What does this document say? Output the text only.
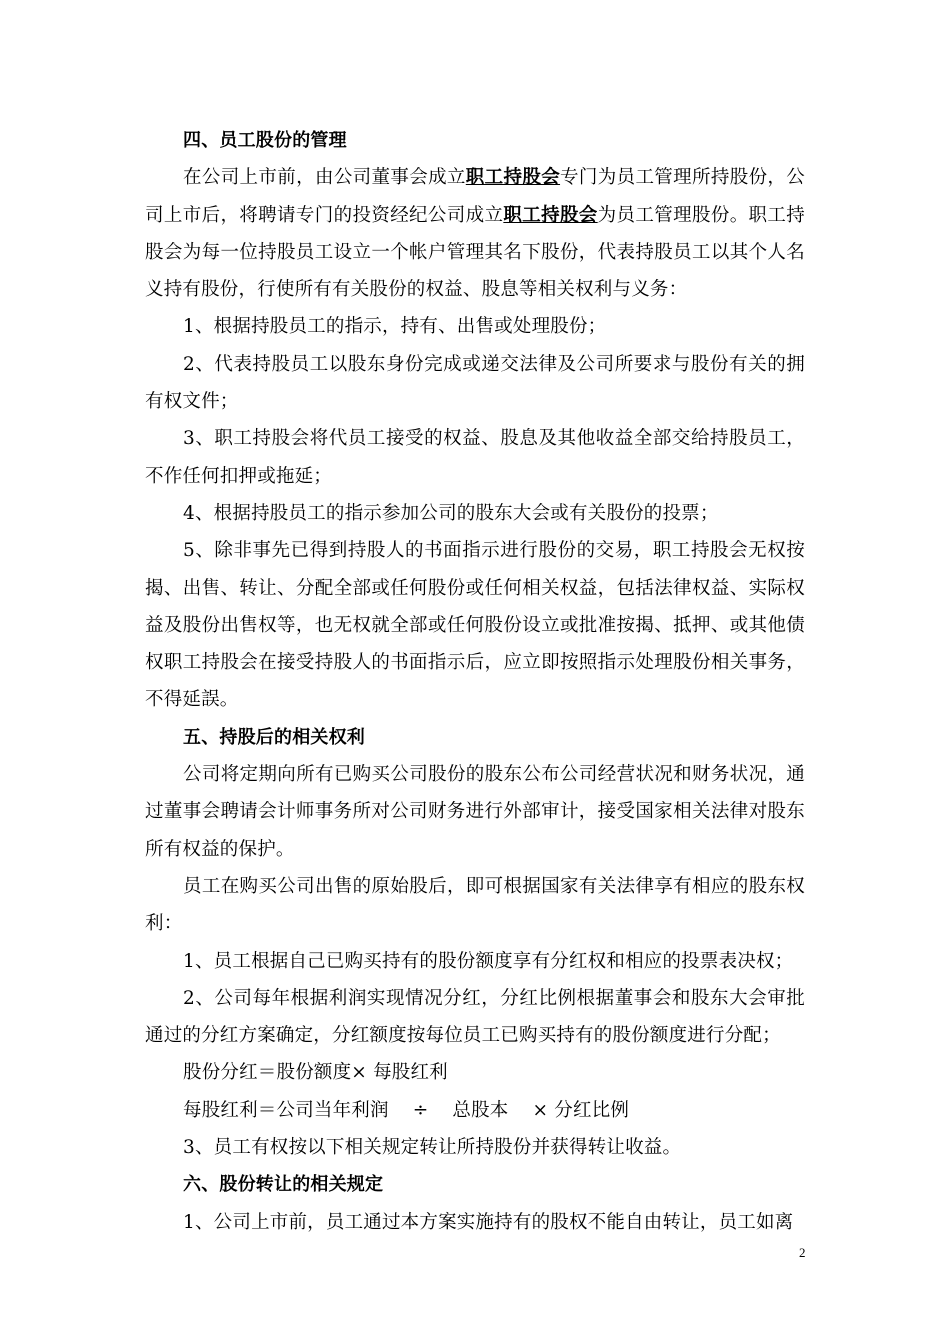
四、员工股份的管理

在公司上市前，由公司董事会成立职工持股会专门为员工管理所持股份，公司上市后，将聘请专门的投资经纪公司成立职工持股会为员工管理股份。职工持股会为每一位持股员工设立一个帐户管理其名下股份，代表持股员工以其个人名义持有股份，行使所有有关股份的权益、股息等相关权利与义务：

1、根据持股员工的指示，持有、出售或处理股份；

2、代表持股员工以股东身份完成或递交法律及公司所要求与股份有关的拥有权文件；

3、职工持股会将代员工接受的权益、股息及其他收益全部交给持股员工，不作任何扣押或拖延；

4、根据持股员工的指示参加公司的股东大会或有关股份的投票；

5、除非事先已得到持股人的书面指示进行股份的交易，职工持股会无权按揭、出售、转让、分配全部或任何股份或任何相关权益，包括法律权益、实际权益及股份出售权等，也无权就全部或任何股份设立或批准按揭、抵押、或其他债权职工持股会在接受持股人的书面指示后，应立即按照指示处理股份相关事务，不得延誤。

五、持股后的相关权利

公司将定期向所有已购买公司股份的股东公布公司经营状况和财务状况，通过董事会聘请会计师事务所对公司财务进行外部审计，接受国家相关法律对股东所有权益的保护。

员工在购买公司出售的原始股后，即可根据国家有关法律享有相应的股东权利：

1、员工根据自己已购买持有的股份额度享有分红权和相应的投票表决权；

2、公司每年根据利润实现情况分红，分红比例根据董事会和股东大会审批通过的分红方案确定，分红额度按每位员工已购买持有的股份额度进行分配；

股份分红＝股份额度× 每股红利

每股红利＝公司当年利润 ÷ 总股本 × 分红比例

3、员工有权按以下相关规定转让所持股份并获得转让收益。

六、股份转让的相关规定

1、公司上市前，员工通过本方案实施持有的股权不能自由转让，员工如离

2
